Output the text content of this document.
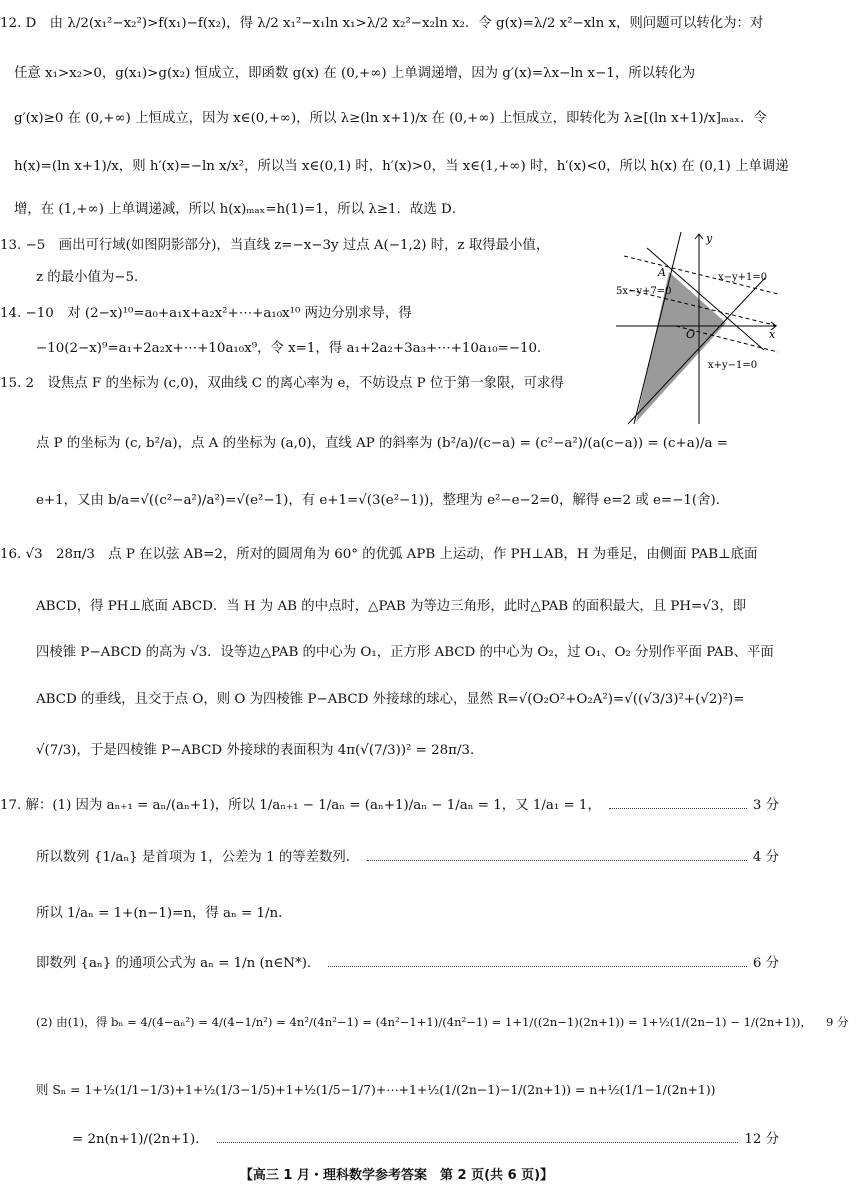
12. D　由 λ/2(x₁²−x₂²)>f(x₁)−f(x₂)，得 λ/2 x₁²−x₁ln x₁>λ/2 x₂²−x₂ln x₂．令 g(x)=λ/2 x²−xln x，则问题可以转化为：对
任意 x₁>x₂>0，g(x₁)>g(x₂) 恒成立，即函数 g(x) 在 (0,+∞) 上单调递增，因为 g′(x)=λx−ln x−1，所以转化为
g′(x)≥0 在 (0,+∞) 上恒成立，因为 x∈(0,+∞)，所以 λ≥(ln x+1)/x 在 (0,+∞) 上恒成立，即转化为 λ≥[(ln x+1)/x]ₘₐₓ．令
h(x)=(ln x+1)/x，则 h′(x)=−ln x/x²，所以当 x∈(0,1) 时，h′(x)>0，当 x∈(1,+∞) 时，h′(x)<0，所以 h(x) 在 (0,1) 上单调递
增，在 (1,+∞) 上单调递减，所以 h(x)ₘₐₓ=h(1)=1，所以 λ≥1．故选 D．
13. −5　画出可行域(如图阴影部分)，当直线 z=−x−3y 过点 A(−1,2) 时，z 取得最小值，
z 的最小值为−5．
14. −10　对 (2−x)¹⁰=a₀+a₁x+a₂x²+⋯+a₁₀x¹⁰ 两边分别求导，得
−10(2−x)⁹=a₁+2a₂x+⋯+10a₁₀x⁹，令 x=1，得 a₁+2a₂+3a₃+⋯+10a₁₀=−10．
15. 2　设焦点 F 的坐标为 (c,0)，双曲线 C 的离心率为 e，不妨设点 P 位于第一象限，可求得
点 P 的坐标为 (c, b²/a)，点 A 的坐标为 (a,0)，直线 AP 的斜率为 (b²/a)/(c−a) = (c²−a²)/(a(c−a)) = (c+a)/a =
e+1，又由 b/a=√((c²−a²)/a²)=√(e²−1)，有 e+1=√(3(e²−1))，整理为 e²−e−2=0，解得 e=2 或 e=−1(舍)．
16. √3　28π/3　点 P 在以弦 AB=2，所对的圆周角为 60° 的优弧 APB 上运动，作 PH⊥AB，H 为垂足，由侧面 PAB⊥底面
ABCD，得 PH⊥底面 ABCD．当 H 为 AB 的中点时，△PAB 为等边三角形，此时△PAB 的面积最大，且 PH=√3，即
四棱锥 P−ABCD 的高为 √3．设等边△PAB 的中心为 O₁，正方形 ABCD 的中心为 O₂，过 O₁、O₂ 分别作平面 PAB、平面
ABCD 的垂线，且交于点 O，则 O 为四棱锥 P−ABCD 外接球的球心，显然 R=√(O₂O²+O₂A²)=√((√3/3)²+(√2)²)=
√(7/3)，于是四棱锥 P−ABCD 外接球的表面积为 4π(√(7/3))² = 28π/3．
17. 解：(1) 因为 aₙ₊₁ = aₙ/(aₙ+1)，所以 1/aₙ₊₁ − 1/aₙ = (aₙ+1)/aₙ − 1/aₙ = 1，又 1/a₁ = 1，	3 分
所以数列 {1/aₙ} 是首项为 1，公差为 1 的等差数列．	4 分
所以 1/aₙ = 1+(n−1)=n，得 aₙ = 1/n．
即数列 {aₙ} 的通项公式为 aₙ = 1/n (n∈N*)．	6 分
(2) 由(1)，得 bₙ = 4/(4−aₙ²) = 4/(4−1/n²) = 4n²/(4n²−1) = (4n²−1+1)/(4n²−1) = 1+1/((2n−1)(2n+1)) = 1+½(1/(2n−1) − 1/(2n+1))， 9 分
则 Sₙ = 1+½(1/1−1/3)+1+½(1/3−1/5)+1+½(1/5−1/7)+⋯+1+½(1/(2n−1)−1/(2n+1)) = n+½(1/1−1/(2n+1))
= 2n(n+1)/(2n+1)．	12 分
y
x
O
A	x−y+1=0
5x−y+7=0
x+y−1=0
【高三 1 月・理科数学参考答案　第 2 页(共 6 页)】
